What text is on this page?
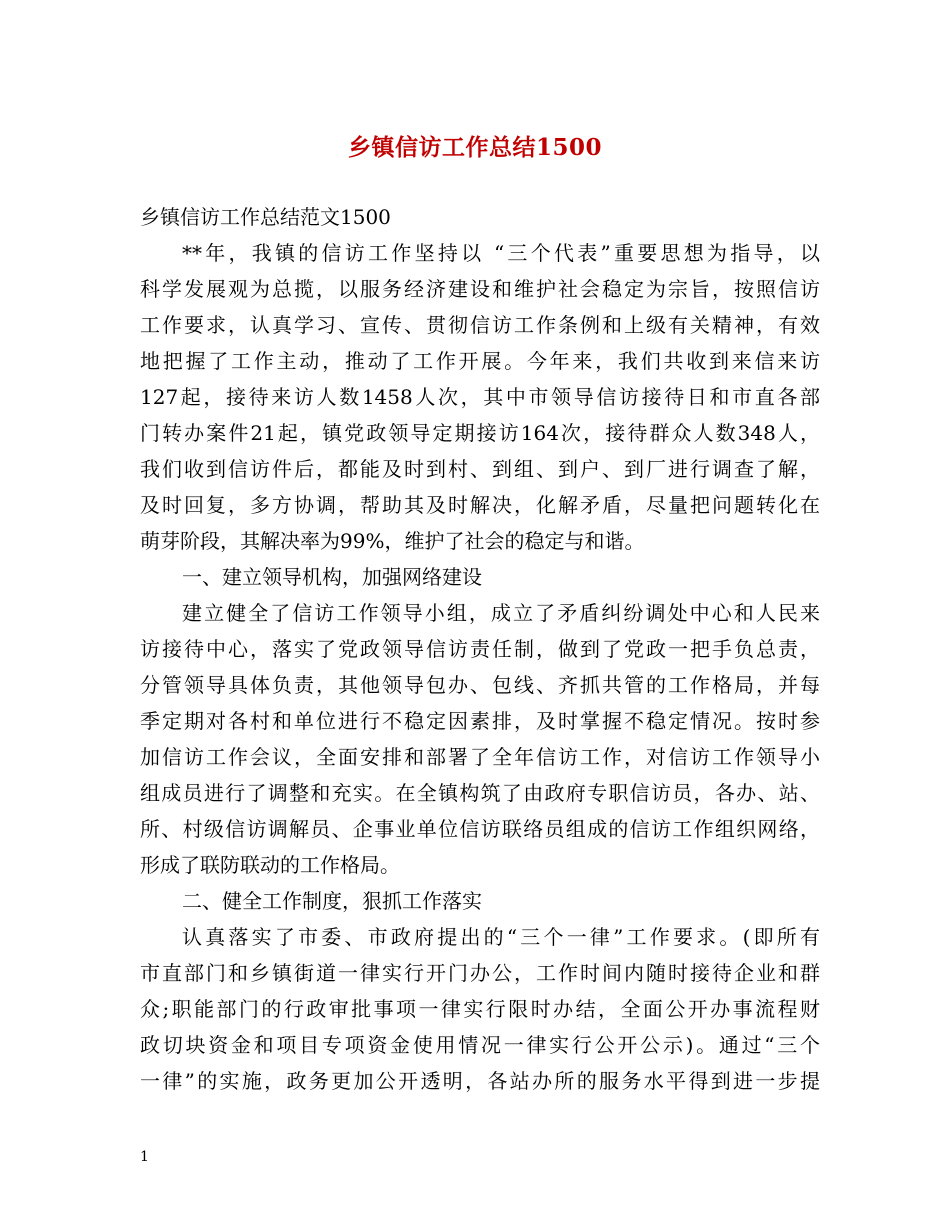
乡镇信访工作总结1500
乡镇信访工作总结范文1500
**年，我镇的信访工作坚持以 “三个代表”重要思想为指导，以
科学发展观为总揽，以服务经济建设和维护社会稳定为宗旨，按照信访
工作要求，认真学习、宣传、贯彻信访工作条例和上级有关精神，有效
地把握了工作主动，推动了工作开展。今年来，我们共收到来信来访
127起，接待来访人数1458人次，其中市领导信访接待日和市直各部
门转办案件21起，镇党政领导定期接访164次，接待群众人数348人，
我们收到信访件后，都能及时到村、到组、到户、到厂进行调查了解，
及时回复，多方协调，帮助其及时解决，化解矛盾，尽量把问题转化在
萌芽阶段，其解决率为99%，维护了社会的稳定与和谐。
一、建立领导机构，加强网络建设
建立健全了信访工作领导小组，成立了矛盾纠纷调处中心和人民来
访接待中心，落实了党政领导信访责任制，做到了党政一把手负总责，
分管领导具体负责，其他领导包办、包线、齐抓共管的工作格局，并每
季定期对各村和单位进行不稳定因素排，及时掌握不稳定情况。按时参
加信访工作会议，全面安排和部署了全年信访工作，对信访工作领导小
组成员进行了调整和充实。在全镇构筑了由政府专职信访员，各办、站、
所、村级信访调解员、企事业单位信访联络员组成的信访工作组织网络，
形成了联防联动的工作格局。
二、健全工作制度，狠抓工作落实
认真落实了市委、市政府提出的“三个一律”工作要求。(即所有
市直部门和乡镇街道一律实行开门办公，工作时间内随时接待企业和群
众;职能部门的行政审批事项一律实行限时办结，全面公开办事流程财
政切块资金和项目专项资金使用情况一律实行公开公示)。通过“三个
一律”的实施，政务更加公开透明，各站办所的服务水平得到进一步提
1
